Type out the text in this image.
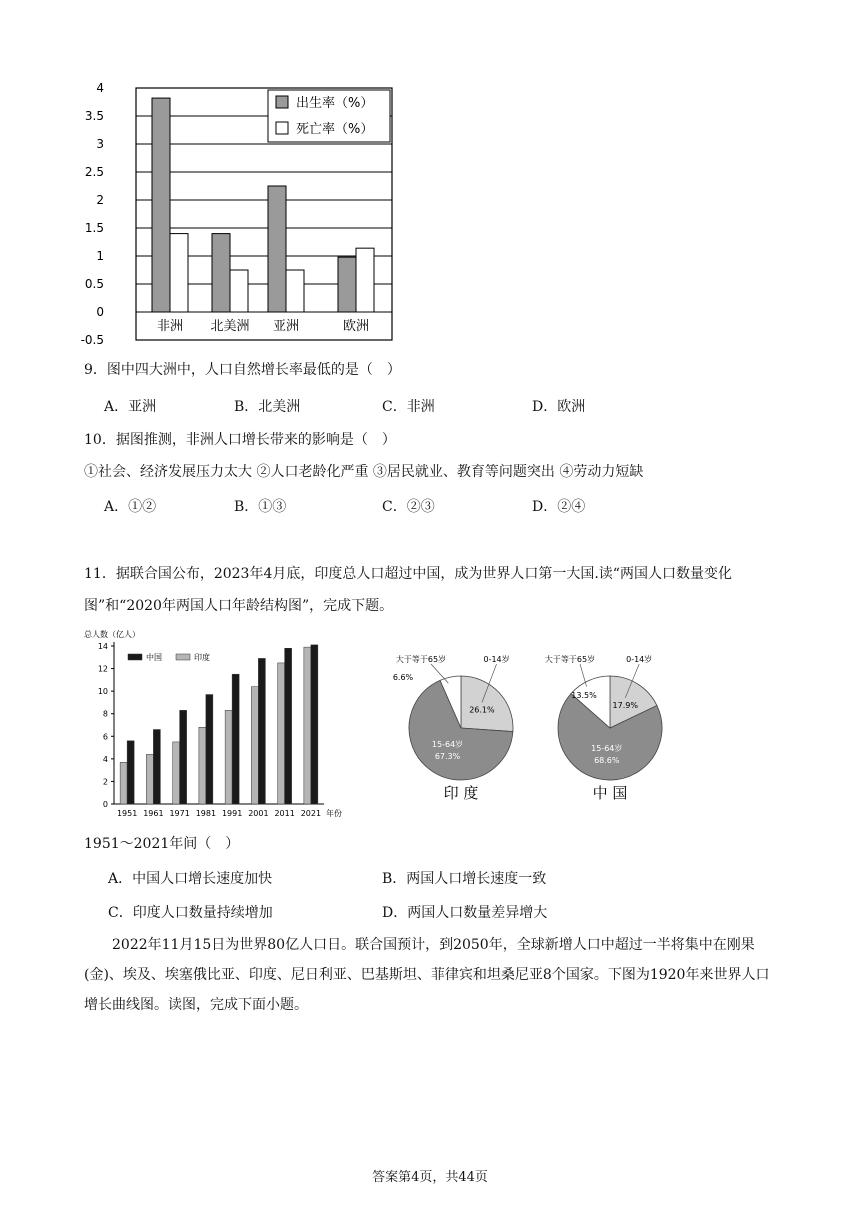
4
3.5
3
2.5
2
1.5
1
0.5
0
-0.5
非洲 北美洲 亚洲	欧洲
出生率（%）
死亡率（%）
9．图中四大洲中，人口自然增长率最低的是（　）
A．亚洲	B．北美洲	C．非洲	D．欧洲
10．据图推测，非洲人口增长带来的影响是（　）
①社会、经济发展压力太大 ②人口老龄化严重 ③居民就业、教育等问题突出 ④劳动力短缺
A．①②	B．①③	C．②③	D．②④
11．据联合国公布，2023年4月底，印度总人口超过中国，成为世界人口第一大国.读“两国人口数量变化
图”和“2020年两国人口年龄结构图”，完成下题。
总人数（亿人）
0
2
4
6
8
10
12
14
1951 1961 1971 1981 1991 2001 2011 2021 年份
中国	印度
26.1%
0-14岁
15-64岁
67.3%
大于等于65岁
6.6%
印 度
17.9%
0-14岁
15-64岁
68.6%
大于等于65岁
13.5%
中 国
1951～2021年间（　）
A．中国人口增长速度加快	B．两国人口增长速度一致
C．印度人口数量持续增加	D．两国人口数量差异增大
2022年11月15日为世界80亿人口日。联合国预计，到2050年，全球新增人口中超过一半将集中在刚果(金)、埃及、埃塞俄比亚、印度、尼日利亚、巴基斯坦、菲律宾和坦桑尼亚8个国家。下图为1920年来世界人口增长曲线图。读图，完成下面小题。
答案第4页，共44页
